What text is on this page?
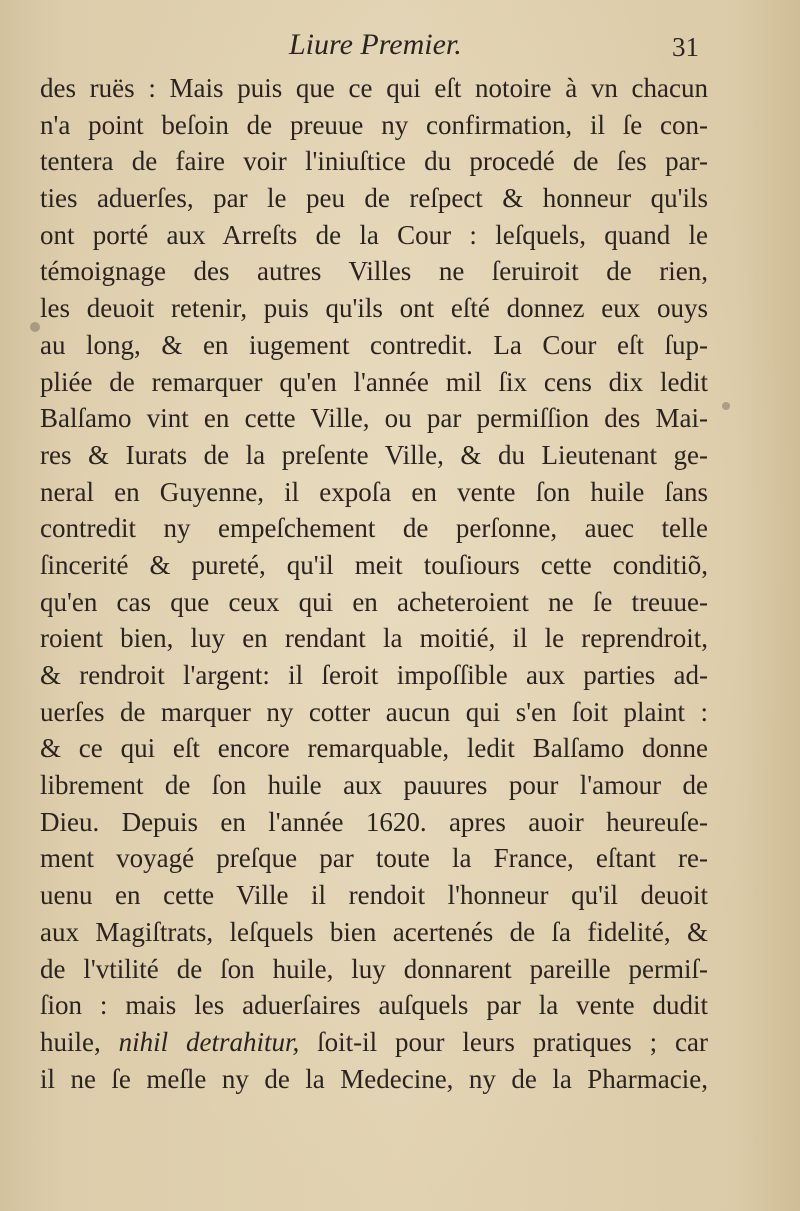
Liure Premier.	31
des ruës : Mais puis que ce qui eſt notoire à vn chacun
n'a point beſoin de preuue ny confirmation, il ſe con-
tentera de faire voir l'iniuſtice du procedé de ſes par-
ties aduerſes, par le peu de reſpect & honneur qu'ils
ont porté aux Arreſts de la Cour : leſquels, quand le
témoignage des autres Villes ne ſeruiroit de rien,
les deuoit retenir, puis qu'ils ont eſté donnez eux ouys
au long, & en iugement contredit. La Cour eſt ſup-
pliée de remarquer qu'en l'année mil ſix cens dix ledit
Balſamo vint en cette Ville, ou par permiſſion des Mai-
res & Iurats de la preſente Ville, & du Lieutenant ge-
neral en Guyenne, il expoſa en vente ſon huile ſans
contredit ny empeſchement de perſonne, auec telle
ſincerité & pureté, qu'il meit touſiours cette conditiõ,
qu'en cas que ceux qui en acheteroient ne ſe treuue-
roient bien, luy en rendant la moitié, il le reprendroit,
& rendroit l'argent: il ſeroit impoſſible aux parties ad-
uerſes de marquer ny cotter aucun qui s'en ſoit plaint :
& ce qui eſt encore remarquable, ledit Balſamo donne
librement de ſon huile aux pauures pour l'amour de
Dieu. Depuis en l'année 1620. apres auoir heureuſe-
ment voyagé preſque par toute la France, eſtant re-
uenu en cette Ville il rendoit l'honneur qu'il deuoit
aux Magiſtrats, leſquels bien acertenés de ſa fidelité, &
de l'vtilité de ſon huile, luy donnarent pareille permiſ-
ſion : mais les aduerſaires auſquels par la vente dudit
huile, nihil detrahitur, ſoit-il pour leurs pratiques ; car
il ne ſe meſle ny de la Medecine, ny de la Pharmacie,
